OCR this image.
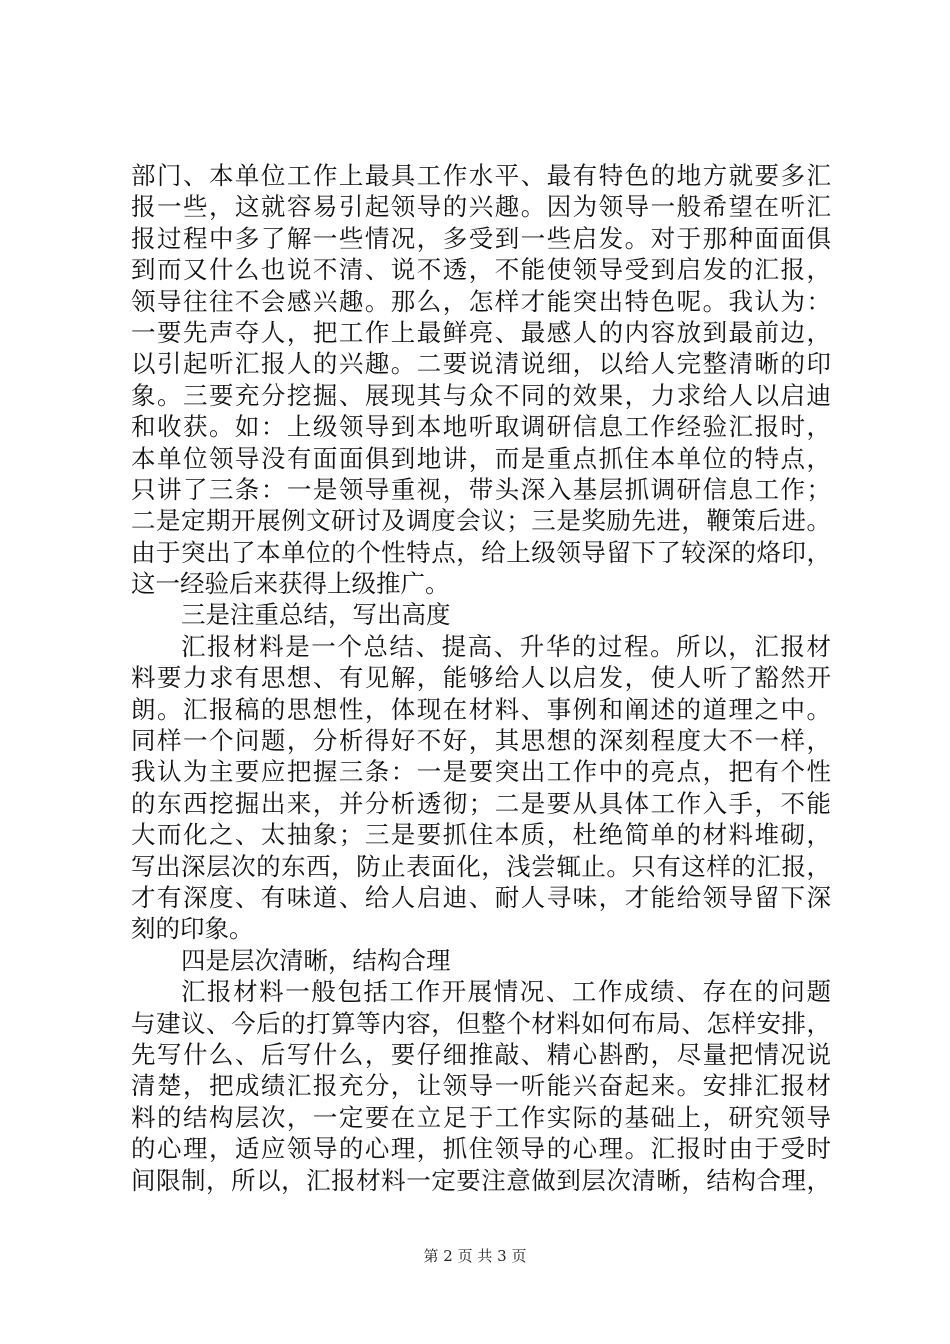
部门、本单位工作上最具工作水平、最有特色的地方就要多汇
报一些，这就容易引起领导的兴趣。因为领导一般希望在听汇
报过程中多了解一些情况，多受到一些启发。对于那种面面俱
到而又什么也说不清、说不透，不能使领导受到启发的汇报，
领导往往不会感兴趣。那么，怎样才能突出特色呢。我认为：
一要先声夺人，把工作上最鲜亮、最感人的内容放到最前边，
以引起听汇报人的兴趣。二要说清说细，以给人完整清晰的印
象。三要充分挖掘、展现其与众不同的效果，力求给人以启迪
和收获。如：上级领导到本地听取调研信息工作经验汇报时，
本单位领导没有面面俱到地讲，而是重点抓住本单位的特点，
只讲了三条：一是领导重视，带头深入基层抓调研信息工作；
二是定期开展例文研讨及调度会议；三是奖励先进，鞭策后进。
由于突出了本单位的个性特点，给上级领导留下了较深的烙印，
这一经验后来获得上级推广。
三是注重总结，写出高度
汇报材料是一个总结、提高、升华的过程。所以，汇报材
料要力求有思想、有见解，能够给人以启发，使人听了豁然开
朗。汇报稿的思想性，体现在材料、事例和阐述的道理之中。
同样一个问题，分析得好不好，其思想的深刻程度大不一样，
我认为主要应把握三条：一是要突出工作中的亮点，把有个性
的东西挖掘出来，并分析透彻；二是要从具体工作入手，不能
大而化之、太抽象；三是要抓住本质，杜绝简单的材料堆砌，
写出深层次的东西，防止表面化，浅尝辄止。只有这样的汇报，
才有深度、有味道、给人启迪、耐人寻味，才能给领导留下深
刻的印象。
四是层次清晰，结构合理
汇报材料一般包括工作开展情况、工作成绩、存在的问题
与建议、今后的打算等内容，但整个材料如何布局、怎样安排，
先写什么、后写什么，要仔细推敲、精心斟酌，尽量把情况说
清楚，把成绩汇报充分，让领导一听能兴奋起来。安排汇报材
料的结构层次，一定要在立足于工作实际的基础上，研究领导
的心理，适应领导的心理，抓住领导的心理。汇报时由于受时
间限制，所以，汇报材料一定要注意做到层次清晰，结构合理，
第 2 页 共 3 页
